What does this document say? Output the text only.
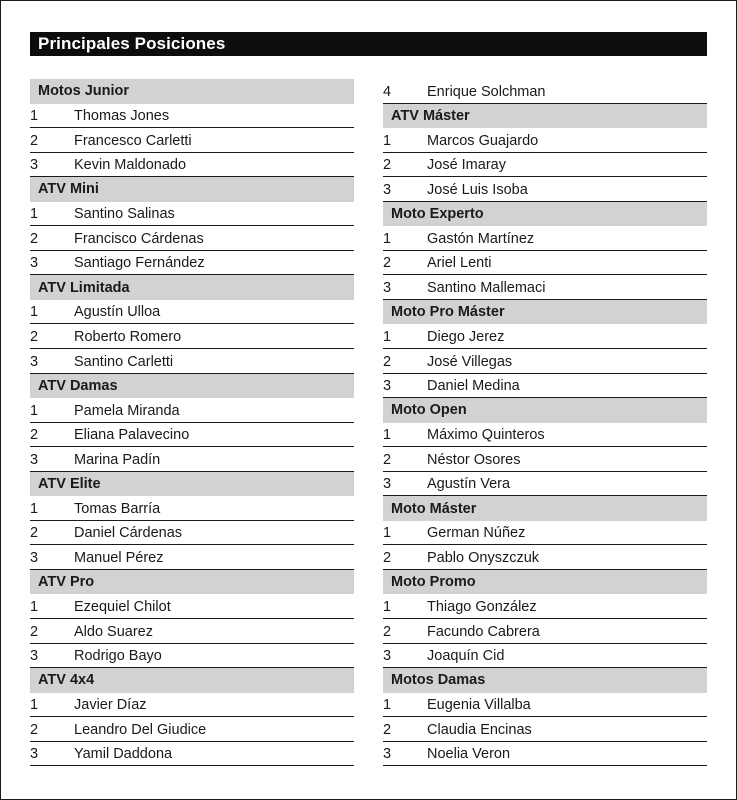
Principales Posiciones
Motos Junior
1	Thomas Jones
2	Francesco Carletti
3	Kevin Maldonado
ATV Mini
1	Santino Salinas
2	Francisco Cárdenas
3	Santiago Fernández
ATV Limitada
1	Agustín Ulloa
2	Roberto Romero
3	Santino Carletti
ATV Damas
1	Pamela Miranda
2	Eliana Palavecino
3	Marina Padín
ATV Elite
1	Tomas Barría
2	Daniel Cárdenas
3	Manuel Pérez
ATV Pro
1	Ezequiel Chilot
2	Aldo Suarez
3	Rodrigo Bayo
ATV 4x4
1	Javier Díaz
2	Leandro Del Giudice
3	Yamil Daddona
4	Enrique Solchman
ATV Máster
1	Marcos Guajardo
2	José Imaray
3	José Luis Isoba
Moto Experto
1	Gastón Martínez
2	Ariel Lenti
3	Santino Mallemaci
Moto Pro Máster
1	Diego Jerez
2	José Villegas
3	Daniel Medina
Moto Open
1	Máximo Quinteros
2	Néstor Osores
3	Agustín Vera
Moto Máster
1	German Núñez
2	Pablo Onyszczuk
Moto Promo
1	Thiago González
2	Facundo Cabrera
3	Joaquín Cid
Motos Damas
1	Eugenia Villalba
2	Claudia Encinas
3	Noelia Veron
